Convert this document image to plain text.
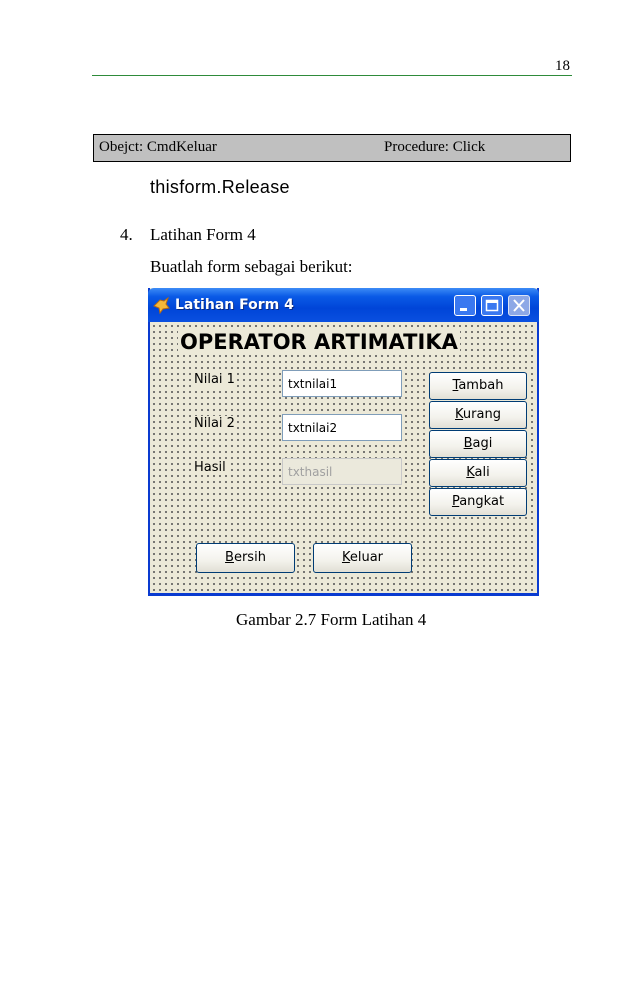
18
Obejct: CmdKeluar	Procedure: Click
thisform.Release
4. Latihan Form 4
Buatlah form sebagai berikut:
Latihan Form 4
OPERATOR ARTIMATIKA
Nilai 1
Nilai 2
Hasil
txtnilai1
txtnilai2
txthasil
Tambah
Kurang
Bagi
Kali
Pangkat
Bersih	Keluar
Gambar 2.7 Form Latihan 4
